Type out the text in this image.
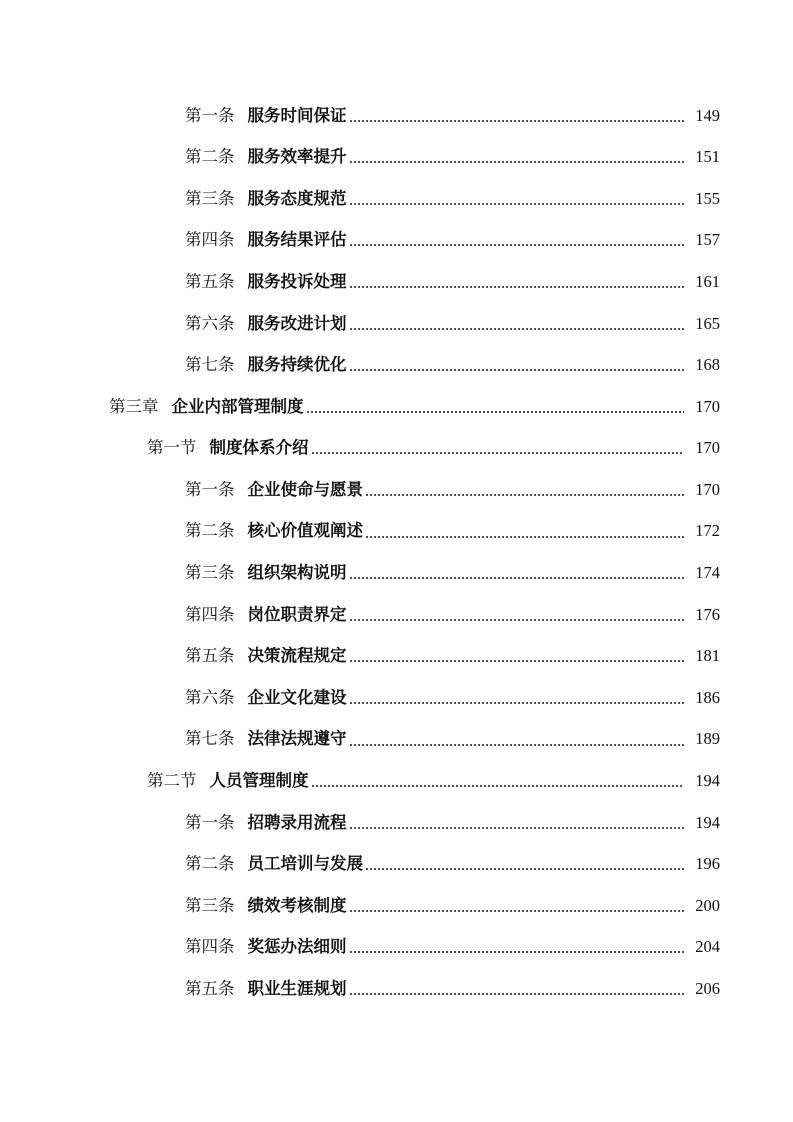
第一条 服务时间保证	149
第二条 服务效率提升	151
第三条 服务态度规范	155
第四条 服务结果评估	157
第五条 服务投诉处理	161
第六条 服务改进计划	165
第七条 服务持续优化	168
第三章 企业内部管理制度	170
第一节 制度体系介绍	170
第一条 企业使命与愿景	170
第二条 核心价值观阐述	172
第三条 组织架构说明	174
第四条 岗位职责界定	176
第五条 决策流程规定	181
第六条 企业文化建设	186
第七条 法律法规遵守	189
第二节 人员管理制度	194
第一条 招聘录用流程	194
第二条 员工培训与发展	196
第三条 绩效考核制度	200
第四条 奖惩办法细则	204
第五条 职业生涯规划	206
